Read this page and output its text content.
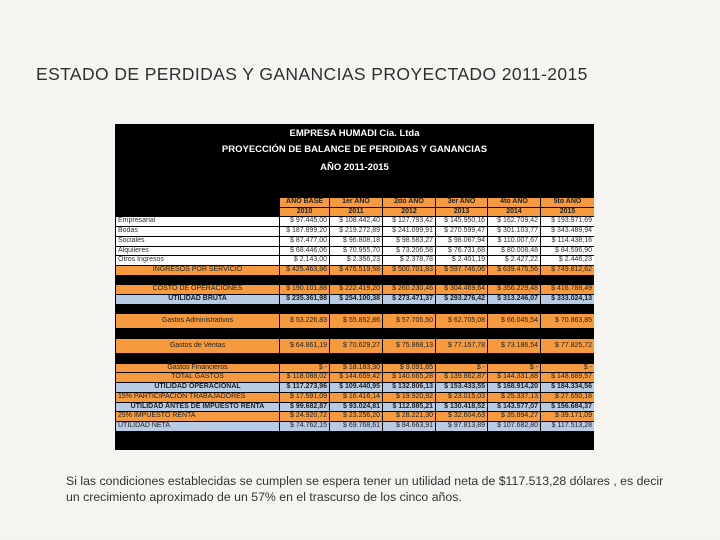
ESTADO DE PERDIDAS Y GANANCIAS PROYECTADO 2011-2015
EMPRESA HUMADI Cia. Ltda
PROYECCIÓN DE BALANCE DE PERDIDAS Y GANANCIAS
AÑO 2011-2015
	AÑO BASE	1er AÑO	2do AÑO	3er AÑO	4to AÑO	5to AÑO
	2010	2011	2012	2013	2014	2015
Empresarial	$ 97.445,00	$ 108.442,40	$ 127.793,42	$ 145.950,16	$ 162.709,42	$ 193.971,69
Bodas	$ 187.899,20	$ 219.272,89	$ 241.099,91	$ 270.599,47	$ 301.103,77	$ 343.489,94
Sociales	$ 87.477,00	$ 96.808,18	$ 98.583,27	$ 98.067,94	$ 110.007,67	$ 114.438,16
Alquileres	$ 68.446,06	$ 70.955,70	$ 73.206,58	$ 76.731,68	$ 80.008,48	$ 84.596,90
Otros Ingresos	$ 2.143,00	$ 2.356,23	$ 2.378,78	$ 2.401,19	$ 2.427,22	$ 2.446,23
INGRESOS POR SERVICIO	$ 425.463,86	$ 476.519,58	$ 500.701,83	$ 597.746,06	$ 639.475,56	$ 749.812,62

COSTO DE OPERACIONES	$ 190.101,88	$ 222.419,20	$ 260.230,46	$ 304.469,64	$ 356.229,48	$ 416.788,49
UTILIDAD BRUTA	$ 235.361,98	$ 254.100,38	$ 273.471,37	$ 293.276,42	$ 313.246,07	$ 333.024,13

Gastos Administrativos	$ 53.226,83	$ 55.852,86	$ 57.705,50	$ 62.705,08	$ 66.045,54	$ 70.863,85

Gastos de Ventas	$ 64.861,19	$ 70.629,27	$ 75.868,13	$ 77.157,78	$ 73.186,54	$ 77.825,72

Gastos Financieros	$ -	$ 18.183,30	$ 9.091,65	$ -	$ -	$ -
TOTAL GASTOS	$ 118.088,02	$ 144.659,42	$ 140.665,28	$ 139.862,87	$ 144.331,88	$ 148.689,57
UTILIDAD OPERACIONAL	$ 117.273,96	$ 109.440,95	$ 132.806,13	$ 153.433,55	$ 168.914,20	$ 184.334,56
15% PARTICIPACIÓN TRABAJADORES	$ 17.591,09	$ 16.416,14	$ 19.920,92	$ 23.015,03	$ 25.337,13	$ 27.650,18
UTILIDAD ANTES DE IMPUESTO RENTA	$ 99.682,87	$ 93.024,81	$ 112.885,21	$ 130.418,52	$ 143.577,07	$ 156.684,37
25% IMPUESTO RENTA	$ 24.920,72	$ 23.256,20	$ 28.221,30	$ 32.604,63	$ 35.894,27	$ 39.171,09
UTILIDAD NETA	$ 74.762,15	$ 69.768,61	$ 84.663,91	$ 97.813,89	$ 107.682,80	$ 117.513,28
Si las condiciones establecidas se cumplen se espera tener un utilidad neta de $117.513,28 dólares , es decir un crecimiento aproximado de un 57% en el trascurso de los cinco años.
